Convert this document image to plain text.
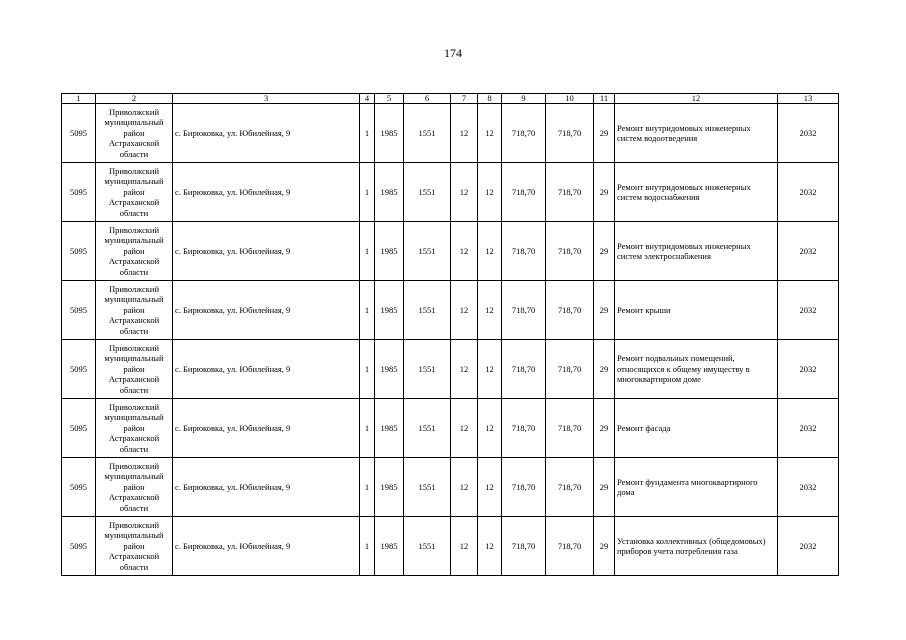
174
1	2	3	4	5	6	7	8	9	10	11	12	13
5095	Приволжский муниципальный район Астраханской области	с. Бирюковка, ул. Юбилейная, 9	1	1985	1551	12	12	718,70	718,70	29	Ремонт внутридомовых инженерных систем водоотведения	2032
5095	Приволжский муниципальный район Астраханской области	с. Бирюковка, ул. Юбилейная, 9	1	1985	1551	12	12	718,70	718,70	29	Ремонт внутридомовых инженерных систем водоснабжения	2032
5095	Приволжский муниципальный район Астраханской области	с. Бирюковка, ул. Юбилейная, 9	1	1985	1551	12	12	718,70	718,70	29	Ремонт внутридомовых инженерных систем электроснабжения	2032
5095	Приволжский муниципальный район Астраханской области	с. Бирюковка, ул. Юбилейная, 9	1	1985	1551	12	12	718,70	718,70	29	Ремонт крыши	2032
5095	Приволжский муниципальный район Астраханской области	с. Бирюковка, ул. Юбилейная, 9	1	1985	1551	12	12	718,70	718,70	29	Ремонт подвальных помещений, относящихся к общему имуществу в многоквартирном доме	2032
5095	Приволжский муниципальный район Астраханской области	с. Бирюковка, ул. Юбилейная, 9	1	1985	1551	12	12	718,70	718,70	29	Ремонт фасада	2032
5095	Приволжский муниципальный район Астраханской области	с. Бирюковка, ул. Юбилейная, 9	1	1985	1551	12	12	718,70	718,70	29	Ремонт фундамента многоквартирного дома	2032
5095	Приволжский муниципальный район Астраханской области	с. Бирюковка, ул. Юбилейная, 9	1	1985	1551	12	12	718,70	718,70	29	Установка коллективных (общедомовых) приборов учета потребления газа	2032
